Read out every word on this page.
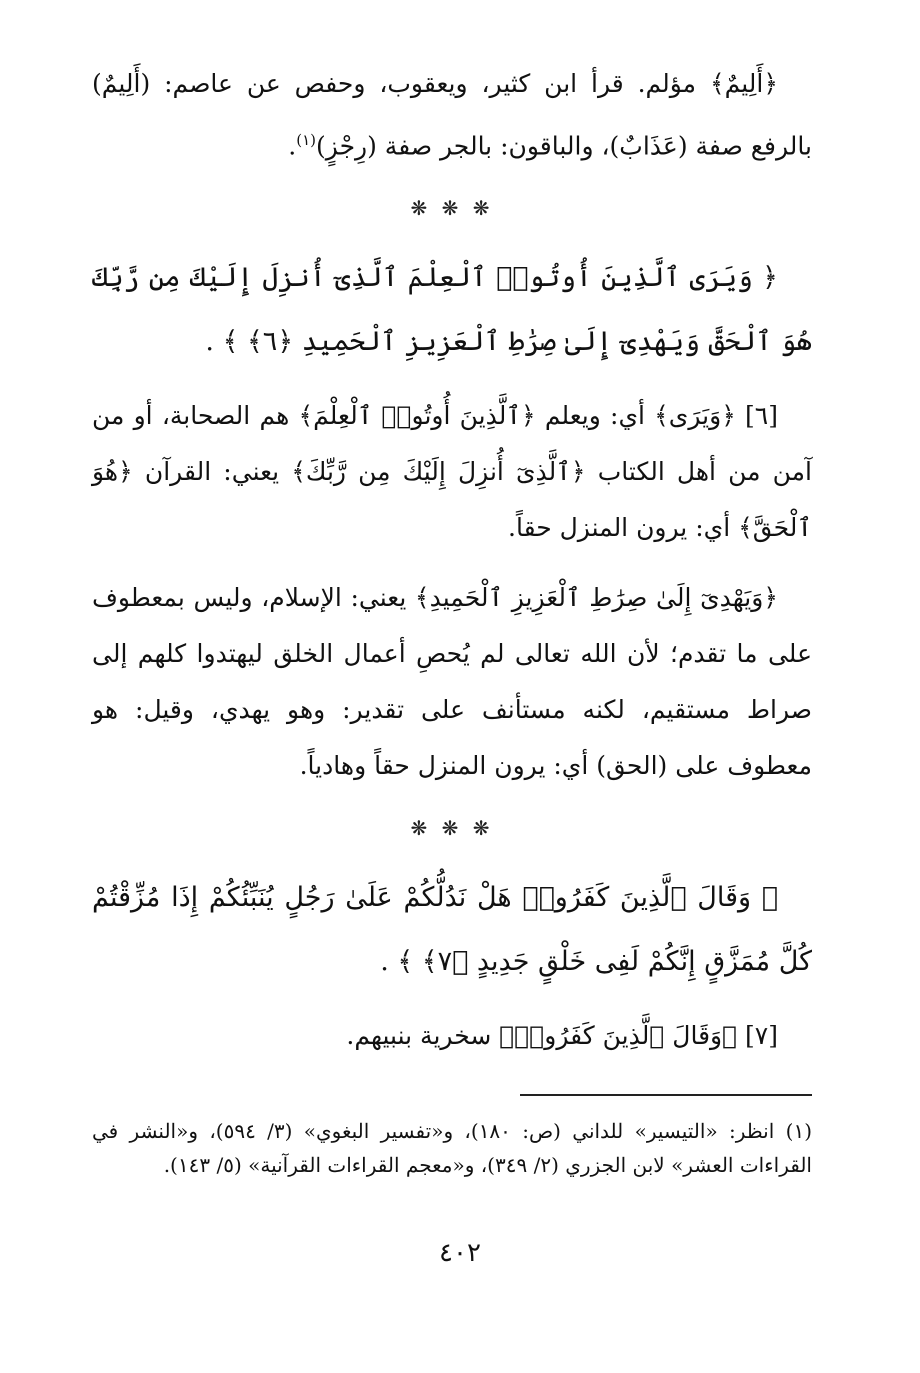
﴿أَلِيمٌ﴾ مؤلم. قرأ ابن كثير، ويعقوب، وحفص عن عاصم: (أَلِيمٌ) بالرفع صفة (عَذَابٌ)، والباقون: بالجر صفة (رِجْزٍ)$^{(١)}$.

❋ ❋ ❋

﴿ وَيَرَى ٱلَّذِينَ أُوتُوا۟ ٱلْعِلْمَ ٱلَّذِىٓ أُنزِلَ إِلَيْكَ مِن رَّبِّكَ هُوَ ٱلْحَقَّ وَيَهْدِىٓ إِلَىٰ صِرَٰطِ ٱلْعَزِيزِ ٱلْحَمِيدِ ﴿٦﴾ ﴾ .

[٦] ﴿وَيَرَى﴾ أي: ويعلم ﴿ٱلَّذِينَ أُوتُوا۟ ٱلْعِلْمَ﴾ هم الصحابة، أو من آمن من أهل الكتاب ﴿ٱلَّذِىٓ أُنزِلَ إِلَيْكَ مِن رَّبِّكَ﴾ يعني: القرآن ﴿هُوَ ٱلْحَقَّ﴾ أي: يرون المنزل حقاً.

﴿وَيَهْدِىٓ إِلَىٰ صِرَٰطِ ٱلْعَزِيزِ ٱلْحَمِيدِ﴾ يعني: الإسلام، وليس بمعطوف على ما تقدم؛ لأن الله تعالى لم يُحصِ أعمال الخلق ليهتدوا كلهم إلى صراط مستقيم، لكنه مستأنف على تقدير: وهو يهدي، وقيل: هو معطوف على (الحق) أي: يرون المنزل حقاً وهادياً.

❋ ❋ ❋

﴿ وَقَالَ ٱلَّذِينَ كَفَرُوا۟ هَلْ نَدُلُّكُمْ عَلَىٰ رَجُلٍ يُنَبِّئُكُمْ إِذَا مُزِّقْتُمْ كُلَّ مُمَزَّقٍ إِنَّكُمْ لَفِى خَلْقٍ جَدِيدٍ ﴿٧﴾ ﴾ .

[٧] ﴿وَقَالَ ٱلَّذِينَ كَفَرُوا۟﴾ سخرية بنبيهم.

(١) انظر: «التيسير» للداني (ص: ١٨٠)، و«تفسير البغوي» (٣/ ٥٩٤)، و«النشر في القراءات العشر» لابن الجزري (٢/ ٣٤٩)، و«معجم القراءات القرآنية» (٥/ ١٤٣).

٤٠٢
